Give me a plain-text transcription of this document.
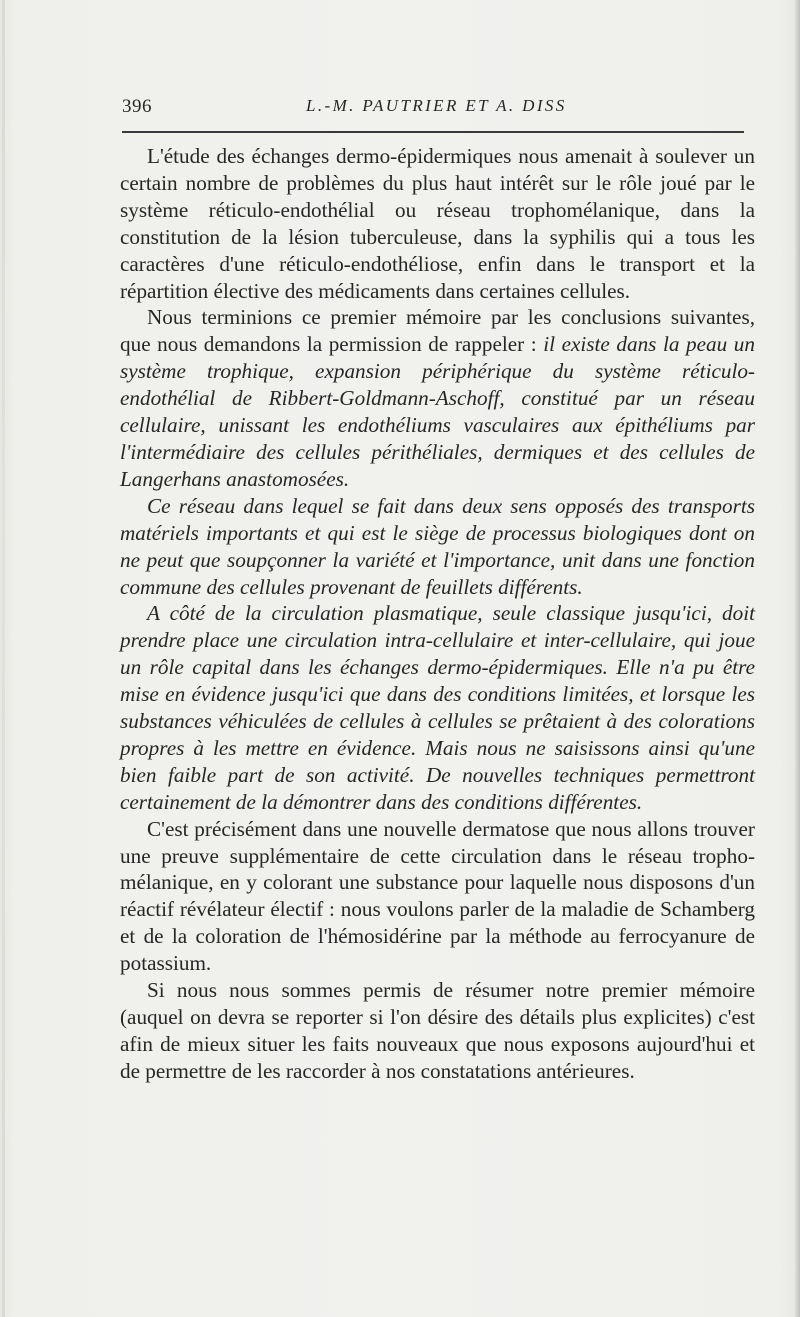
396	L.-M. PAUTRIER ET A. DISS

L'étude des échanges dermo-épidermiques nous amenait à soulever un certain nombre de problèmes du plus haut intérêt sur le rôle joué par le système réticulo-endothélial ou réseau trophomélanique, dans la constitution de la lésion tuberculeuse, dans la syphilis qui a tous les caractères d'une réticulo-endothéliose, enfin dans le transport et la répartition élective des médicaments dans certaines cellules.

Nous terminions ce premier mémoire par les conclusions suivantes, que nous demandons la permission de rappeler : il existe dans la peau un système trophique, expansion périphérique du système réticulo-endothélial de Ribbert-Goldmann-Aschoff, constitué par un réseau cellulaire, unissant les endothéliums vasculaires aux épithéliums par l'intermédiaire des cellules périthéliales, dermiques et des cellules de Langerhans anastomosées.

Ce réseau dans lequel se fait dans deux sens opposés des transports matériels importants et qui est le siège de processus biologiques dont on ne peut que soupçonner la variété et l'importance, unit dans une fonction commune des cellules provenant de feuillets différents.

A côté de la circulation plasmatique, seule classique jusqu'ici, doit prendre place une circulation intra-cellulaire et inter-cellulaire, qui joue un rôle capital dans les échanges dermo-épidermiques. Elle n'a pu être mise en évidence jusqu'ici que dans des conditions limitées, et lorsque les substances véhiculées de cellules à cellules se prêtaient à des colorations propres à les mettre en évidence. Mais nous ne saisissons ainsi qu'une bien faible part de son activité. De nouvelles techniques permettront certainement de la démontrer dans des conditions différentes.

C'est précisément dans une nouvelle dermatose que nous allons trouver une preuve supplémentaire de cette circulation dans le réseau tropho-mélanique, en y colorant une substance pour laquelle nous disposons d'un réactif révélateur électif : nous voulons parler de la maladie de Schamberg et de la coloration de l'hémosidérine par la méthode au ferrocyanure de potassium.

Si nous nous sommes permis de résumer notre premier mémoire (auquel on devra se reporter si l'on désire des détails plus explicites) c'est afin de mieux situer les faits nouveaux que nous exposons aujourd'hui et de permettre de les raccorder à nos constatations antérieures.
